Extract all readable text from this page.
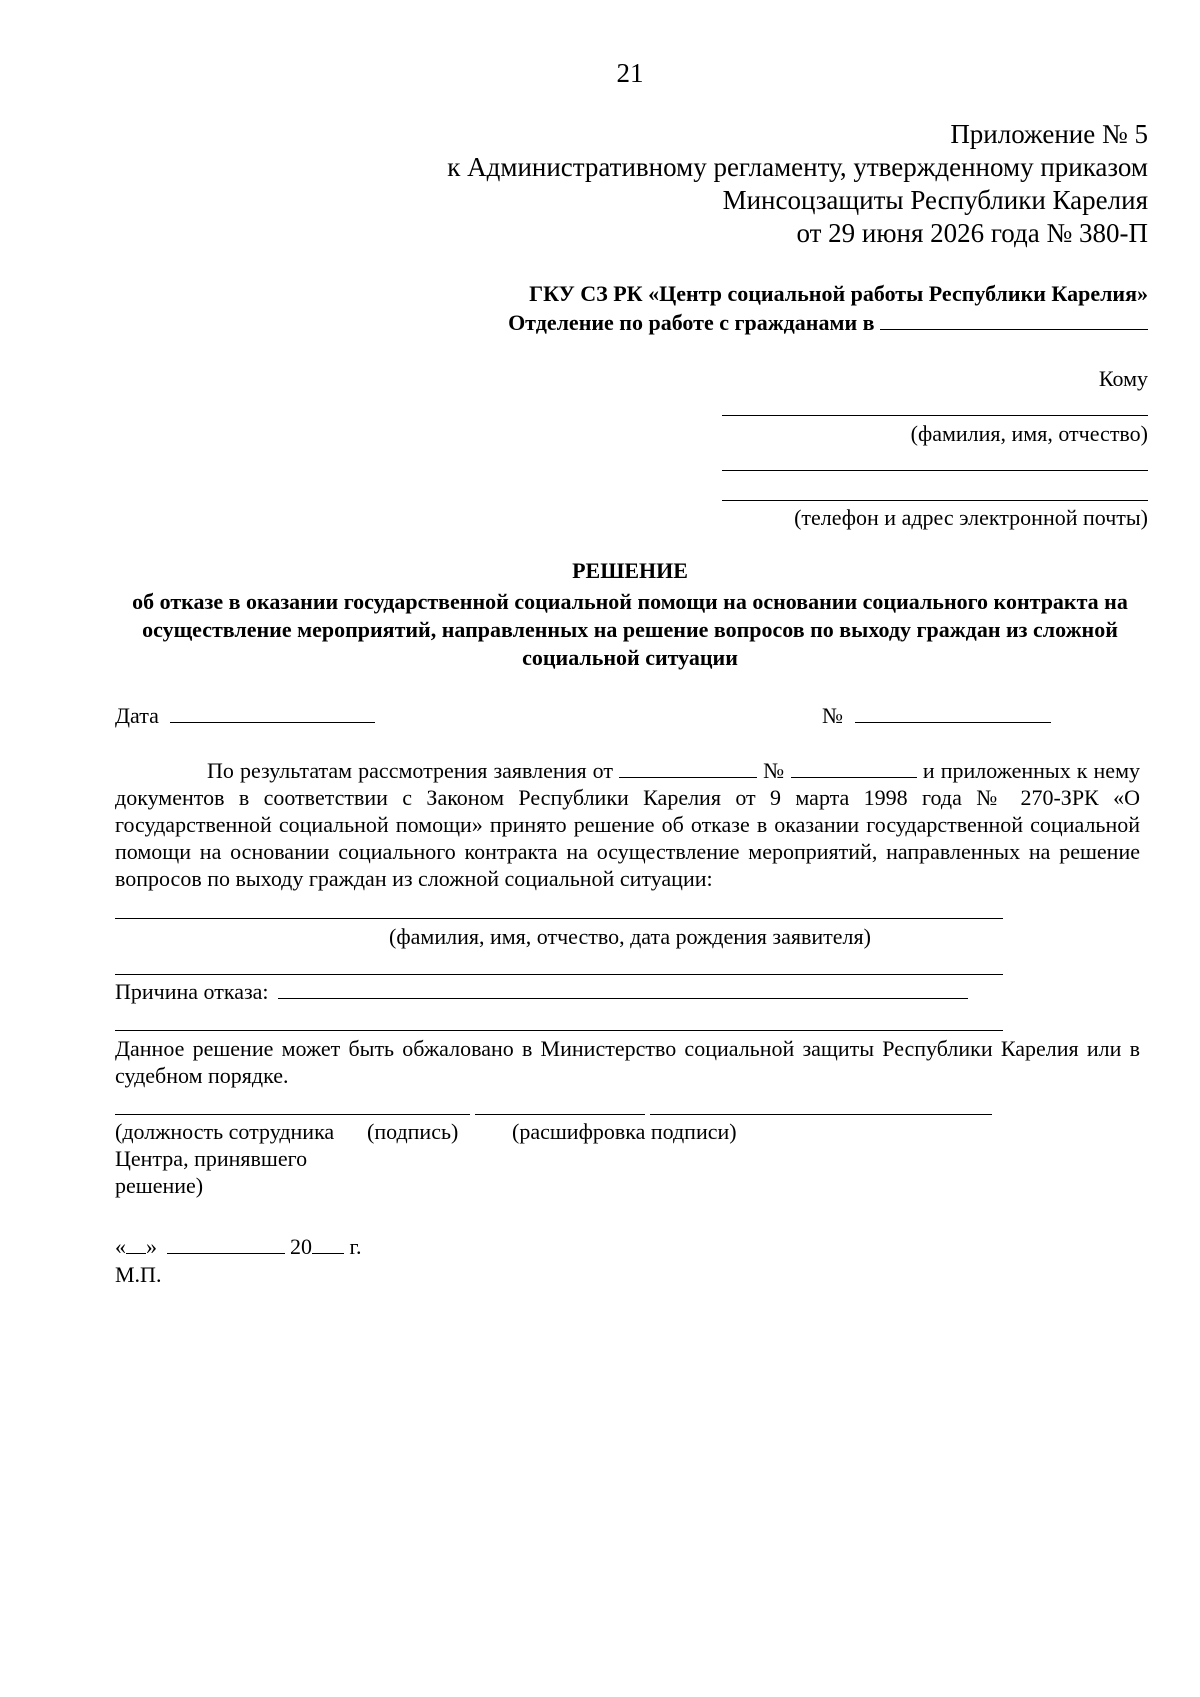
21
Приложение № 5
к Административному регламенту, утвержденному приказом
Минсоцзащиты Республики Карелия
от 29 июня 2026 года № 380-П
ГКУ СЗ РК «Центр социальной работы Республики Карелия»
Отделение по работе с гражданами в
Кому
(фамилия, имя, отчество)
(телефон и адрес электронной почты)
РЕШЕНИЕ
об отказе в оказании государственной социальной помощи на основании социального контракта на осуществление мероприятий, направленных на решение вопросов по выходу граждан из сложной социальной ситуации
Дата	№
По результатам рассмотрения заявления от	№	и приложенных к нему документов в соответствии с Законом Республики Карелия от 9 марта 1998 года № 270-ЗРК «О государственной социальной помощи» принято решение об отказе в оказании государственной социальной помощи на основании социального контракта на осуществление мероприятий, направленных на решение вопросов по выходу граждан из сложной социальной ситуации:
(фамилия, имя, отчество, дата рождения заявителя)
Причина отказа:
Данное решение может быть обжаловано в Министерство социальной защиты Республики Карелия или в судебном порядке.
(должность сотрудника Центра, принявшего решение)
(подпись) (расшифровка подписи)
« »	20 г.
М.П.
